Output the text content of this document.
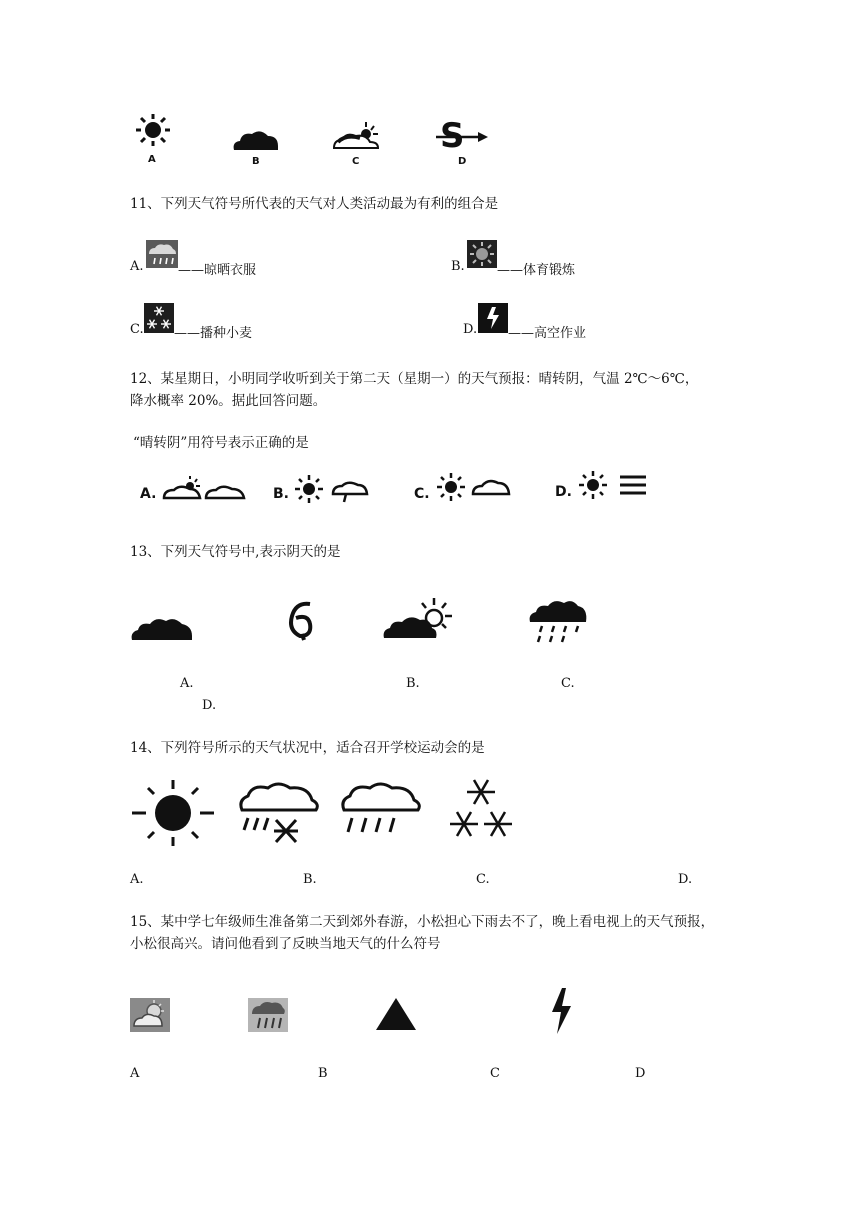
A	B	C
S
D
11、下列天气符号所代表的天气对人类活动最为有利的组合是
A.	——晾晒衣服	B. ——体育锻炼
C. ——播种小麦	D. ——高空作业
12、某星期日，小明同学收听到关于第二天（星期一）的天气预报：晴转阴，气温 2℃～6℃，
降水概率 20%。据此回答问题。
“晴转阴”用符号表示正确的是
A.	B.	C.	D.
13、下列天气符号中,表示阴天的是
A.	B.	C.
D.
14、下列符号所示的天气状况中，适合召开学校运动会的是
A.	B.	C.	D.
15、某中学七年级师生准备第二天到郊外春游，小松担心下雨去不了，晚上看电视上的天气预报，
小松很高兴。请问他看到了反映当地天气的什么符号
A	B	C	D
